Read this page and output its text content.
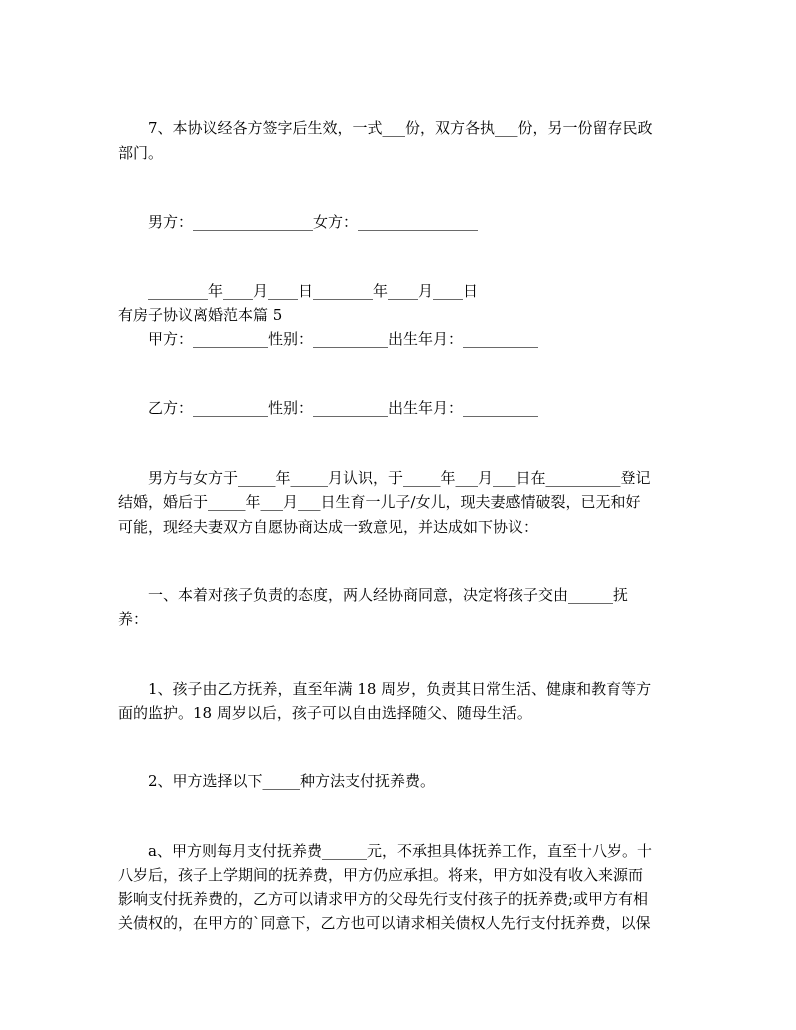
7、本协议经各方签字后生效，一式___份，双方各执___份，另一份留存民政
部门。
男方：________________女方：________________
________年____月____日________年____月____日
有房子协议离婚范本篇 5
甲方：__________性别：__________出生年月：__________
乙方：__________性别：__________出生年月：__________
男方与女方于_____年_____月认识，于_____年___月___日在__________登记
结婚，婚后于_____年___月___日生育一儿子/女儿，现夫妻感情破裂，已无和好
可能，现经夫妻双方自愿协商达成一致意见，并达成如下协议：
一、本着对孩子负责的态度，两人经协商同意，决定将孩子交由______抚
养：
1、孩子由乙方抚养，直至年满 18 周岁，负责其日常生活、健康和教育等方
面的监护。18 周岁以后，孩子可以自由选择随父、随母生活。
2、甲方选择以下_____种方法支付抚养费。
a、甲方则每月支付抚养费______元，不承担具体抚养工作，直至十八岁。十
八岁后，孩子上学期间的抚养费，甲方仍应承担。将来，甲方如没有收入来源而
影响支付抚养费的，乙方可以请求甲方的父母先行支付孩子的抚养费;或甲方有相
关债权的，在甲方的`同意下，乙方也可以请求相关债权人先行支付抚养费，以保
